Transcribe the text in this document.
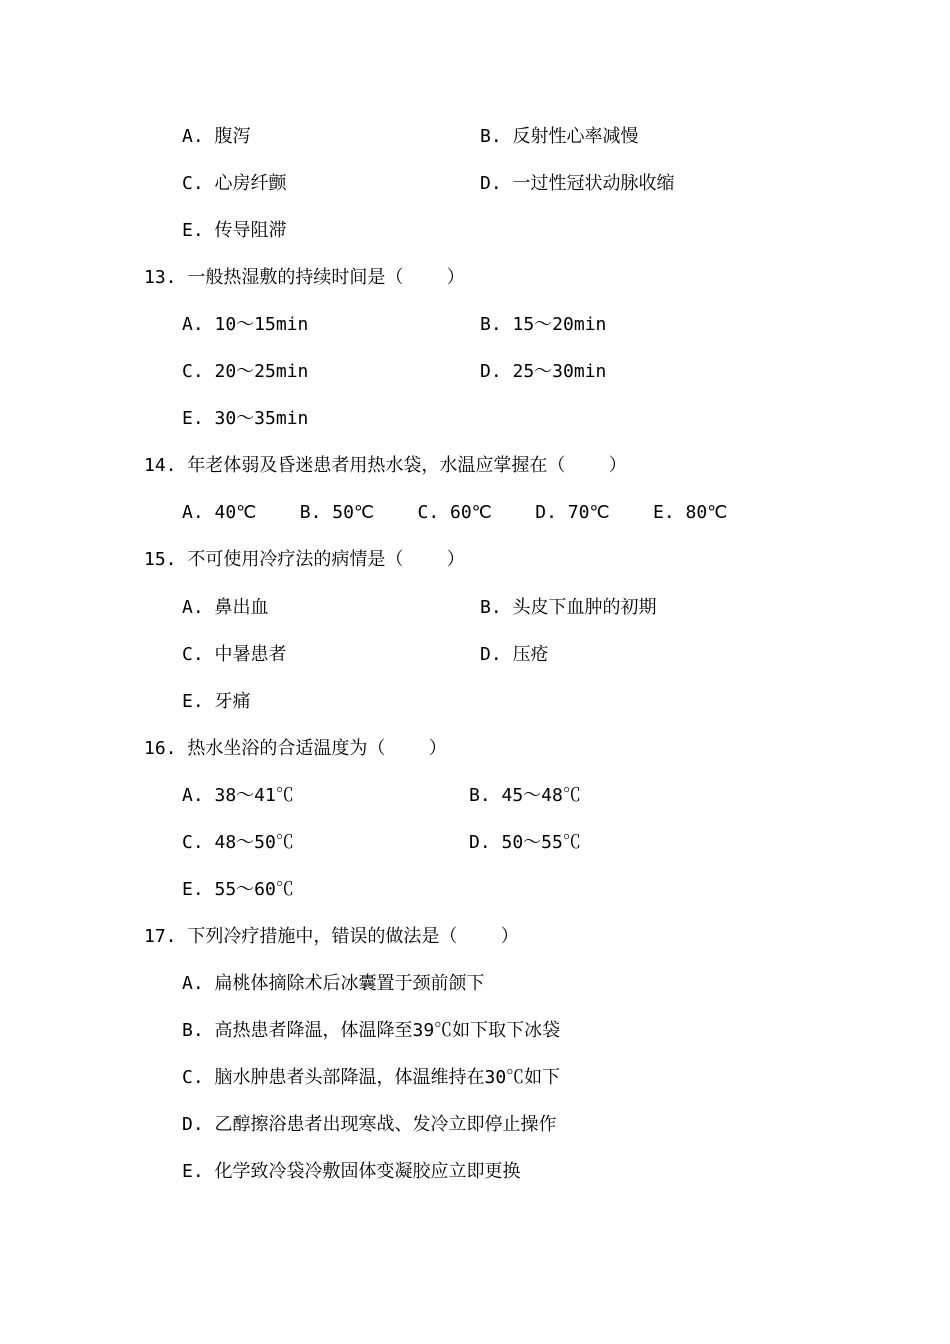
A. 腹泻	B. 反射性心率减慢
C. 心房纤颤	D. 一过性冠状动脉收缩
E. 传导阻滞
13. 一般热湿敷的持续时间是（    ）
A. 10～15min	B. 15～20min
C. 20～25min	D. 25～30min
E. 30～35min
14. 年老体弱及昏迷患者用热水袋，水温应掌握在（    ）
A. 40℃    B. 50℃    C. 60℃    D. 70℃    E. 80℃
15. 不可使用冷疗法的病情是（    ）
A. 鼻出血	B. 头皮下血肿的初期
C. 中暑患者	D. 压疮
E. 牙痛
16. 热水坐浴的合适温度为（    ）
A. 38～41℃	B. 45～48℃
C. 48～50℃	D. 50～55℃
E. 55～60℃
17. 下列冷疗措施中，错误的做法是（    ）
A. 扁桃体摘除术后冰囊置于颈前颌下
B. 高热患者降温，体温降至39℃如下取下冰袋
C. 脑水肿患者头部降温，体温维持在30℃如下
D. 乙醇擦浴患者出现寒战、发冷立即停止操作
E. 化学致冷袋冷敷固体变凝胶应立即更换
